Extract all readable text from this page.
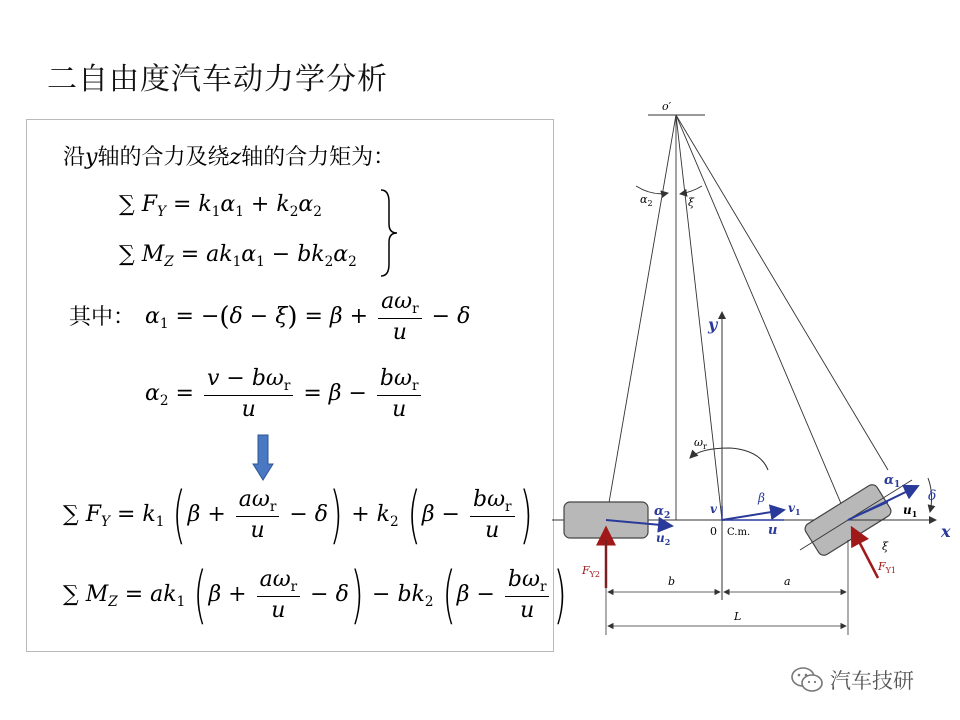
二自由度汽车动力学分析
沿y轴的合力及绕z轴的合力矩为：
∑ $F_Y = k_1\alpha_1 + k_2\alpha_2$
∑ $M_Z = ak_1\alpha_1 - bk_2\alpha_2$
其中： $\alpha_1 = -(\delta - \xi) = \beta + \frac{a\omega_r}{u} - \delta$
$\alpha_2 = \frac{v - b\omega_r}{u} = \beta - \frac{b\omega_r}{u}$
∑ $F_Y = k_1$ $(\beta + \frac{a\omega_r}{u} - \delta) + k_2$ ($\beta - \frac{b\omega_r}{u}$ )
∑ $M_Z = ak_1$ $(\beta + \frac{a\omega_r}{u} - \delta) - bk_2$ ($\beta - \frac{b\omega_r}{u}$ )
o′
$\alpha_2$	ξ
x
y
$\omega_r$
$\alpha_2$
$u_2$
$F_{Y2}$
v
β
$v_1$
0 C.m. u
$\alpha_1$
$u_1$
δ
ξ
$F_{Y1}$
b	a
L
汽车技研
